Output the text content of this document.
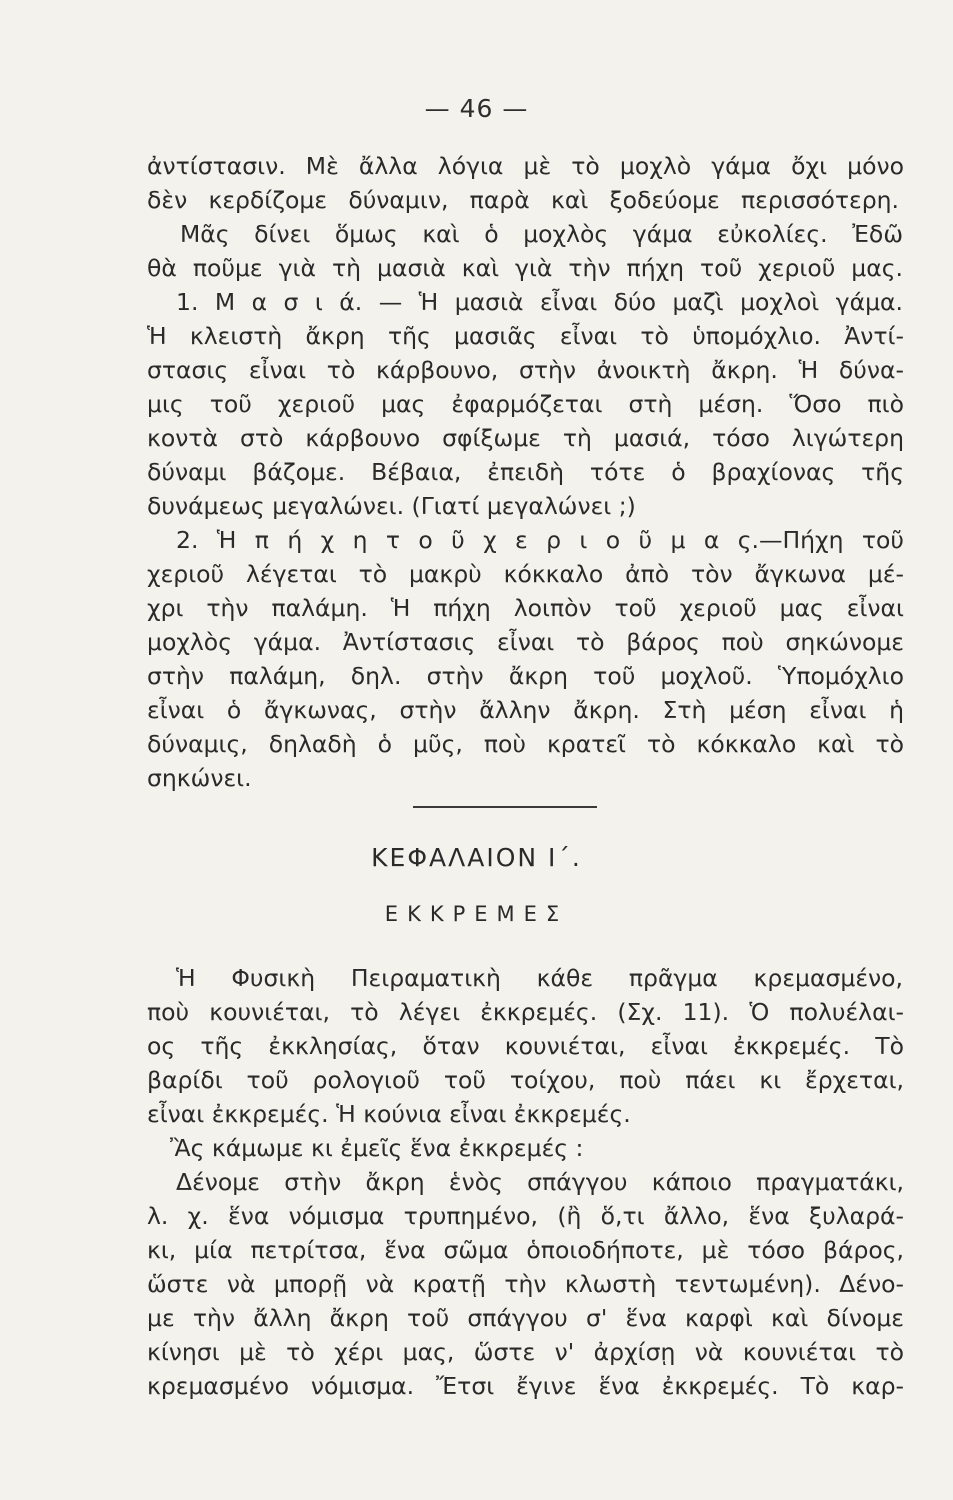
— 46 —
ἀντίστασιν. Μὲ ἄλλα λόγια μὲ τὸ μοχλὸ γάμα ὄχι μόνο
δὲν κερδίζομε δύναμιν, παρὰ καὶ ξοδεύομε περισσότερη.
Μᾶς δίνει ὅμως καὶ ὁ μοχλὸς γάμα εὐκολίες. Ἐδῶ
θὰ ποῦμε γιὰ τὴ μασιὰ καὶ γιὰ τὴν πήχη τοῦ χεριοῦ μας.
1. Μ α σ ι ά. — Ἡ μασιὰ εἶναι δύο μαζὶ μοχλοὶ γάμα.
Ἡ κλειστὴ ἄκρη τῆς μασιᾶς εἶναι τὸ ὑπομόχλιο. Ἀντί-
στασις εἶναι τὸ κάρβουνο, στὴν ἀνοικτὴ ἄκρη. Ἡ δύνα-
μις τοῦ χεριοῦ μας ἐφαρμόζεται στὴ μέση. Ὅσο πιὸ
κοντὰ στὸ κάρβουνο σφίξωμε τὴ μασιά, τόσο λιγώτερη
δύναμι βάζομε. Βέβαια, ἐπειδὴ τότε ὁ βραχίονας τῆς
δυνάμεως μεγαλώνει. (Γιατί μεγαλώνει ;)
2. Ἡ π ή χ η τ ο ῦ χ ε ρ ι ο ῦ μ α ς.—Πήχη τοῦ
χεριοῦ λέγεται τὸ μακρὺ κόκκαλο ἀπὸ τὸν ἄγκωνα μέ-
χρι τὴν παλάμη. Ἡ πήχη λοιπὸν τοῦ χεριοῦ μας εἶναι
μοχλὸς γάμα. Ἀντίστασις εἶναι τὸ βάρος ποὺ σηκώνομε
στὴν παλάμη, δηλ. στὴν ἄκρη τοῦ μοχλοῦ. Ὑπομόχλιο
εἶναι ὁ ἄγκωνας, στὴν ἄλλην ἄκρη. Στὴ μέση εἶναι ἡ
δύναμις, δηλαδὴ ὁ μῦς, ποὺ κρατεῖ τὸ κόκκαλο καὶ τὸ
σηκώνει.
ΚΕΦΑΛΑΙΟΝ Ι΄.
ΕΚΚΡΕΜΕΣ
Ἡ Φυσικὴ Πειραματικὴ κάθε πρᾶγμα κρεμασμένο,
ποὺ κουνιέται, τὸ λέγει ἐκκρεμές. (Σχ. 11). Ὁ πολυέλαι-
ος τῆς ἐκκλησίας, ὅταν κουνιέται, εἶναι ἐκκρεμές. Τὸ
βαρίδι τοῦ ρολογιοῦ τοῦ τοίχου, ποὺ πάει κι ἔρχεται,
εἶναι ἐκκρεμές. Ἡ κούνια εἶναι ἐκκρεμές.
Ἂς κάμωμε κι ἐμεῖς ἕνα ἐκκρεμές :
Δένομε στὴν ἄκρη ἑνὸς σπάγγου κάποιο πραγματάκι,
λ. χ. ἕνα νόμισμα τρυπημένο, (ἢ ὅ,τι ἄλλο, ἕνα ξυλαρά-
κι, μία πετρίτσα, ἕνα σῶμα ὁποιοδήποτε, μὲ τόσο βάρος,
ὥστε νὰ μπορῇ νὰ κρατῇ τὴν κλωστὴ τεντωμένη). Δένο-
με τὴν ἄλλη ἄκρη τοῦ σπάγγου σ' ἕνα καρφὶ καὶ δίνομε
κίνησι μὲ τὸ χέρι μας, ὥστε ν' ἀρχίσῃ νὰ κουνιέται τὸ
κρεμασμένο νόμισμα. Ἔτσι ἔγινε ἕνα ἐκκρεμές. Τὸ καρ-
